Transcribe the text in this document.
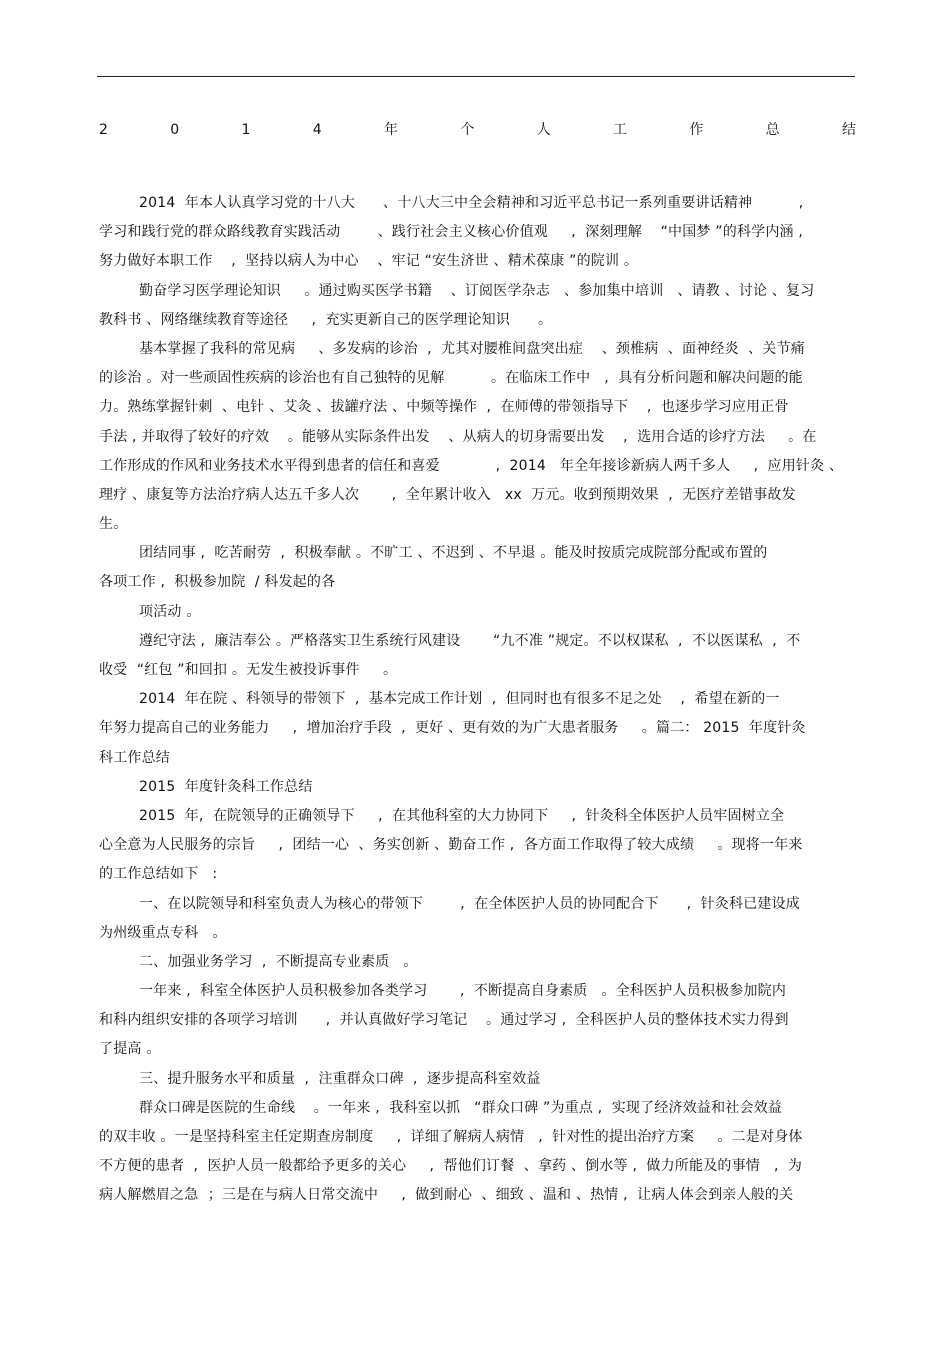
2	0	1	4	年	个	人	工	作	总	结
2014  年本人认真学习党的十八大      、十八大三中全会精神和习近平总书记一系列重要讲话精神          ,
学习和践行党的群众路线教育实践活动        、践行社会主义核心价值观     ,  深刻理解    “中国梦 ”的科学内涵 ,
努力做好本职工作    ,  坚持以病人为中心    、牢记 “安生济世 、精术葆康 ”的院训 。
勤奋学习医学理论知识     。通过购买医学书籍    、订阅医学杂志   、参加集中培训   、请教 、讨论 、复习
教科书 、网络继续教育等途径     ,  充实更新自己的医学理论知识      。
基本掌握了我科的常见病     、多发病的诊治  ,  尤其对腰椎间盘突出症    、颈椎病  、面神经炎  、关节痛
的诊治 。对一些顽固性疾病的诊治也有自己独特的见解          。在临床工作中   ,  具有分析问题和解决问题的能
力。熟练掌握针刺  、电针 、艾灸 、拔罐疗法 、中频等操作  ,  在师傅的带领指导下    ,  也逐步学习应用正骨
手法 , 并取得了较好的疗效    。能够从实际条件出发    、从病人的切身需要出发    ,  选用合适的诊疗方法     。在
工作形成的作风和业务技术水平得到患者的信任和喜爱            ,  2014   年全年接诊新病人两千多人     ,  应用针灸 、
理疗 、康复等方法治疗病人达五千多人次       ,  全年累计收入   xx  万元。收到预期效果  ,  无医疗差错事故发
生。
团结同事 ,  吃苦耐劳  ,  积极奉献 。不旷工 、不迟到 、不早退 。能及时按质完成院部分配或布置的
各项工作 ,  积极参加院  / 科发起的各
项活动 。
遵纪守法 ,  廉洁奉公 。严格落实卫生系统行风建设       “九不准 ”规定。不以权谋私  ,  不以医谋私  ,  不
收受  “红包 ”和回扣 。无发生被投诉事件     。
2014  年在院 、科领导的带领下  ,  基本完成工作计划  ,  但同时也有很多不足之处    ,  希望在新的一
年努力提高自己的业务能力     ,  增加治疗手段  ,  更好 、更有效的为广大患者服务     。篇二： 2015  年度针灸
科工作总结
2015  年度针灸科工作总结
2015  年,  在院领导的正确领导下     ,  在其他科室的大力协同下     ,  针灸科全体医护人员牢固树立全
心全意为人民服务的宗旨     ,  团结一心  、务实创新 、勤奋工作 ,  各方面工作取得了较大成绩     。现将一年来
的工作总结如下   :
一、在以院领导和科室负责人为核心的带领下        ,  在全体医护人员的协同配合下      ,  针灸科已建设成
为州级重点专科   。
二、加强业务学习  ,  不断提高专业素质   。
一年来 ,  科室全体医护人员积极参加各类学习       ,  不断提高自身素质   。全科医护人员积极参加院内
和科内组织安排的各项学习培训      ,  并认真做好学习笔记    。通过学习 ,  全科医护人员的整体技术实力得到
了提高 。
三、提升服务水平和质量  ,  注重群众口碑  ,  逐步提高科室效益
群众口碑是医院的生命线    。一年来 ,  我科室以抓   “群众口碑 ”为重点 ,  实现了经济效益和社会效益
的双丰收 。一是坚持科室主任定期查房制度     ,  详细了解病人病情   ,  针对性的提出治疗方案     。二是对身体
不方便的患者  ,  医护人员一般都给予更多的关心     ,  帮他们订餐  、拿药 、倒水等 ,  做力所能及的事情   ,  为
病人解燃眉之急  ；三是在与病人日常交流中     ,  做到耐心  、细致 、温和 、热情 ,  让病人体会到亲人般的关
